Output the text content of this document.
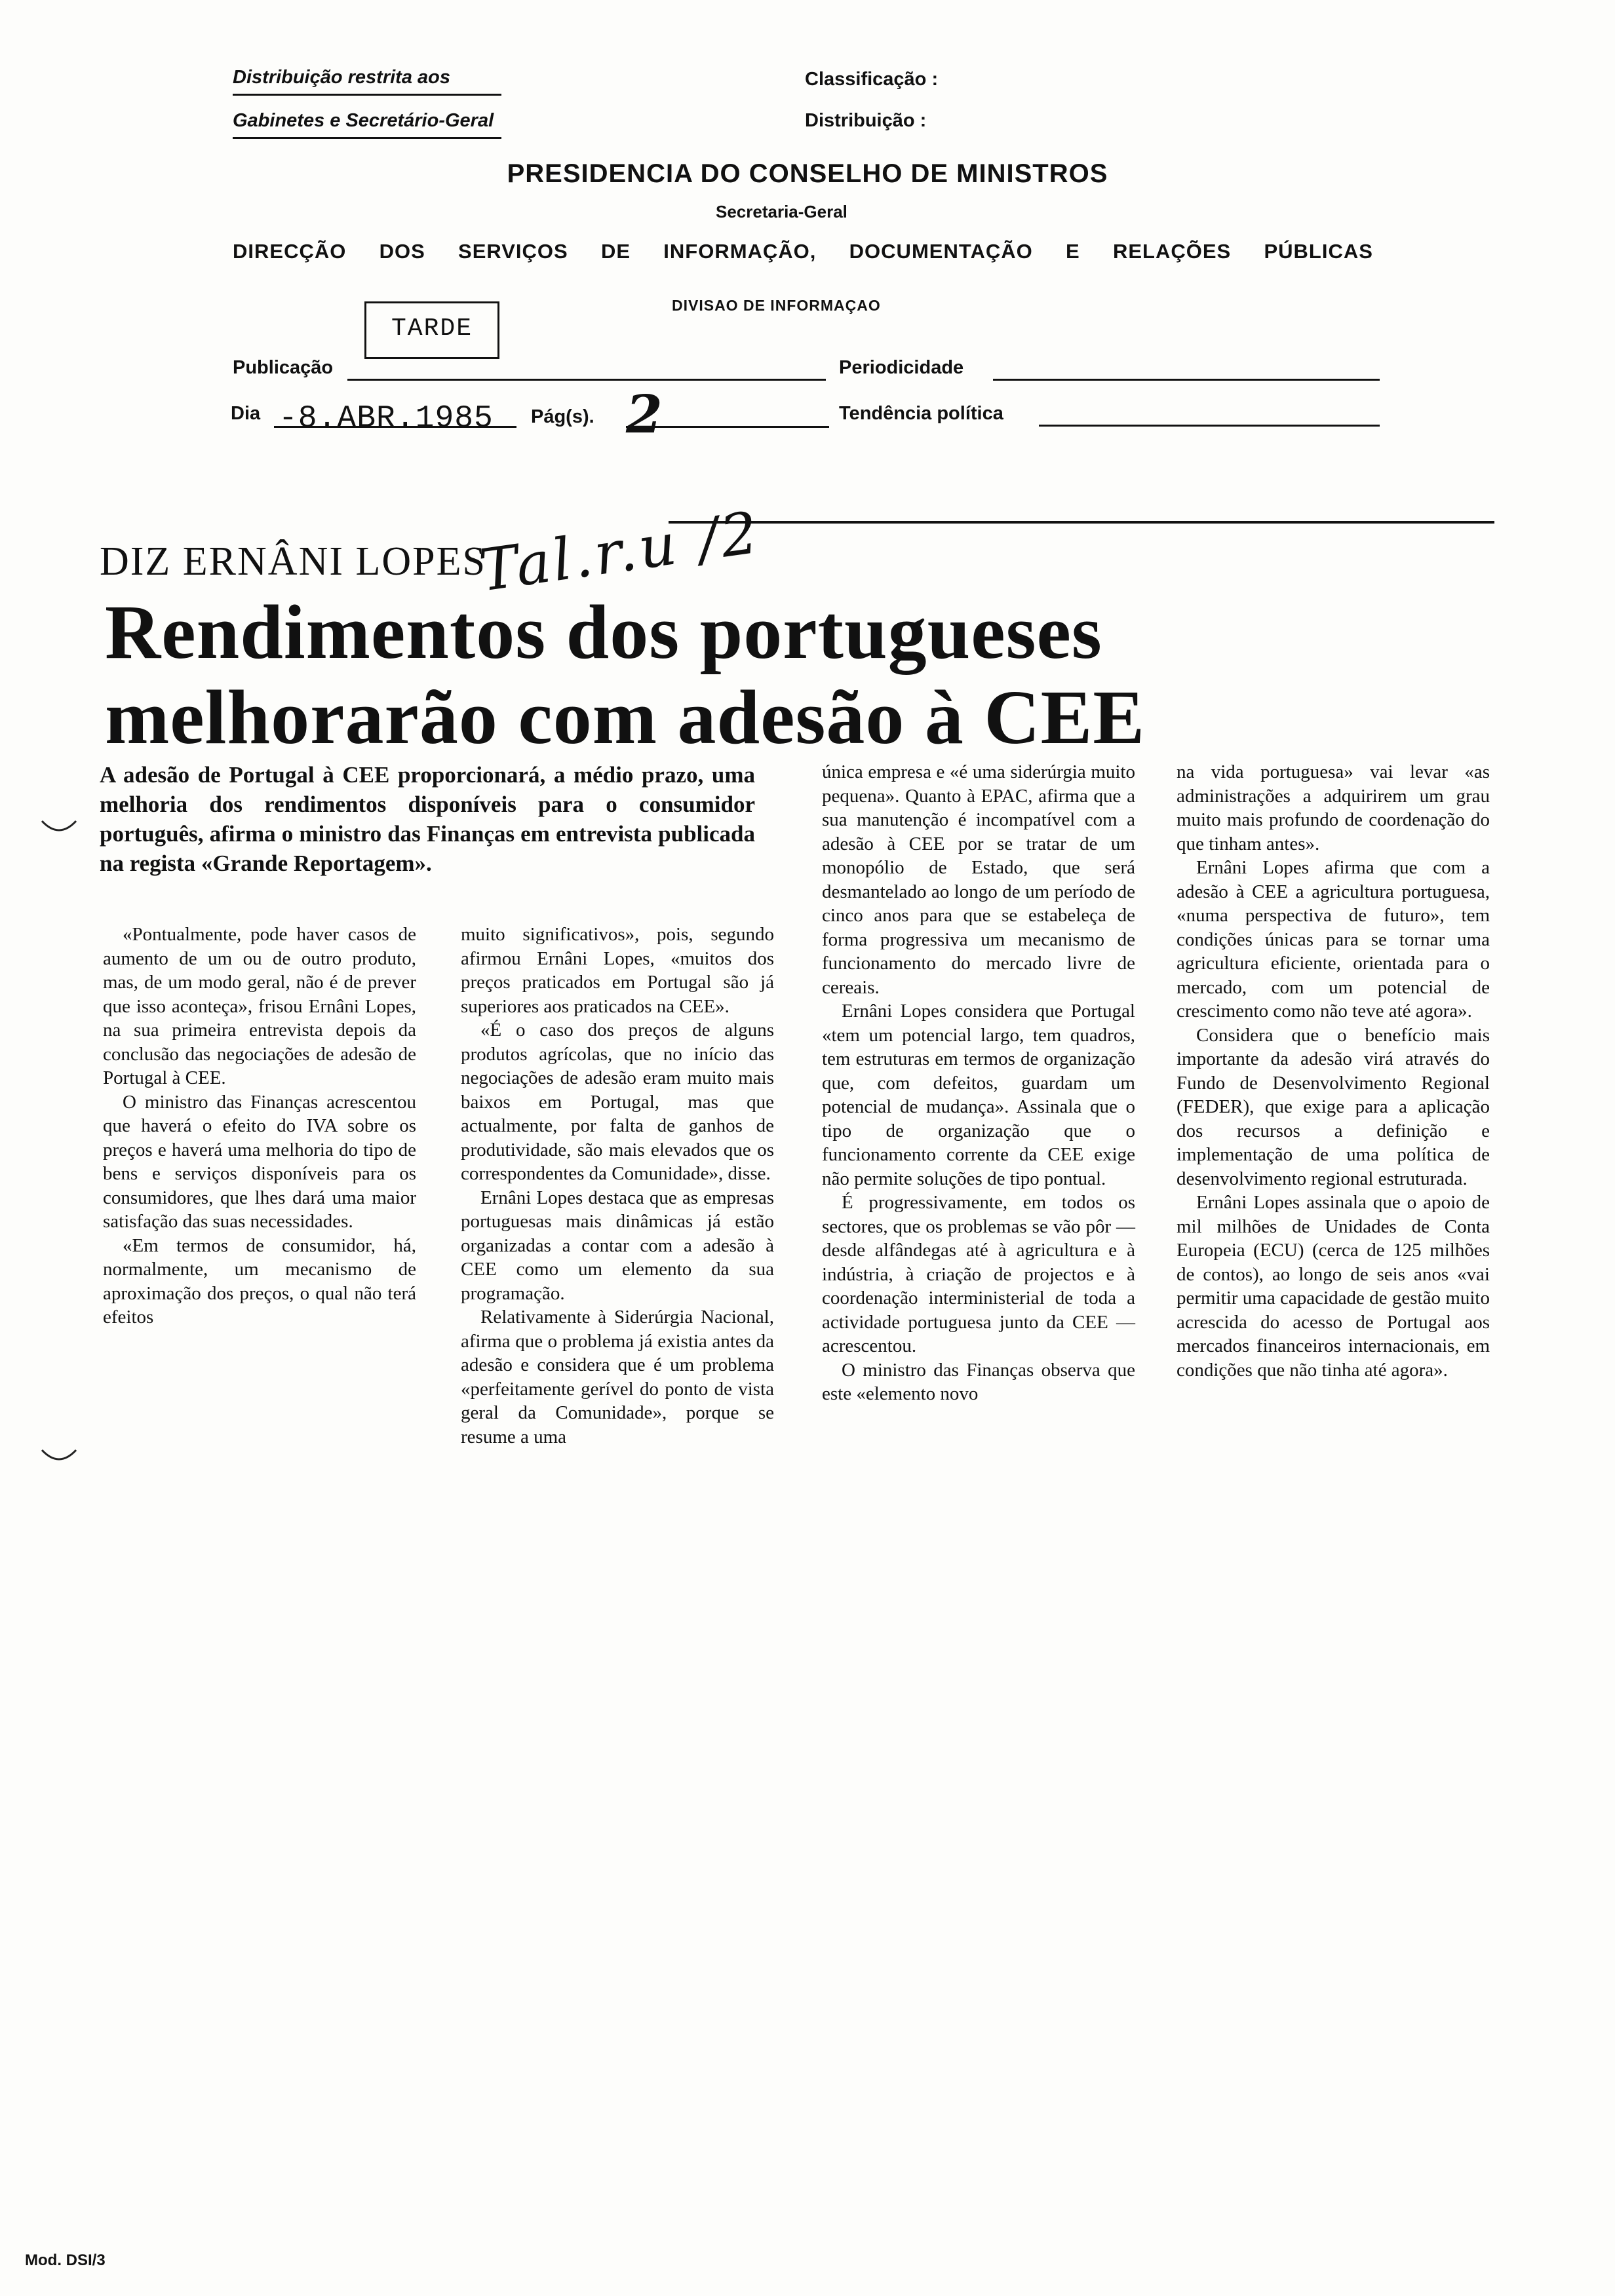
Distribuição restrita aos
Gabinetes e Secretário-Geral
Classificação :
Distribuição :
PRESIDENCIA DO CONSELHO DE MINISTROS
Secretaria-Geral
DIRECÇÃO DOS SERVIÇOS DE INFORMAÇÃO, DOCUMENTAÇÃO E RELAÇÕES PÚBLICAS
DIVISAO DE INFORMAÇAO
TARDE
Publicação	Periodicidade
Dia -8.ABR.1985 Pág(s). 2	Tendência política
DIZ ERNÂNI LOPES
Tal.r.u /2
Rendimentos dos portugueses
melhorarão com adesão à CEE
A adesão de Portugal à CEE proporcionará, a médio prazo, uma melhoria dos rendimentos disponíveis para o consumidor português, afirma o ministro das Finanças em entrevista publicada na regista «Grande Reportagem».

«Pontualmente, pode haver casos de aumento de um ou de outro produto, mas, de um modo geral, não é de prever que isso aconteça», frisou Ernâni Lopes, na sua primeira entrevista depois da conclusão das negociações de adesão de Portugal à CEE.

O ministro das Finanças acrescentou que haverá o efeito do IVA sobre os preços e haverá uma melhoria do tipo de bens e serviços disponíveis para os consumidores, que lhes dará uma maior satisfação das suas necessidades.

«Em termos de consumidor, há, normalmente, um mecanismo de aproximação dos preços, o qual não terá efeitos

muito significativos», pois, segundo afirmou Ernâni Lopes, «muitos dos preços praticados em Portugal são já superiores aos praticados na CEE».

«É o caso dos preços de alguns produtos agrícolas, que no início das negociações de adesão eram muito mais baixos em Portugal, mas que actualmente, por falta de ganhos de produtividade, são mais elevados que os correspondentes da Comunidade», disse.

Ernâni Lopes destaca que as empresas portuguesas mais dinâmicas já estão organizadas a contar com a adesão à CEE como um elemento da sua programação.

Relativamente à Siderúrgia Nacional, afirma que o problema já existia antes da adesão e considera que é um problema «perfeitamente gerível do ponto de vista geral da Comunidade», porque se resume a uma

única empresa e «é uma siderúrgia muito pequena». Quanto à EPAC, afirma que a sua manutenção é incompatível com a adesão à CEE por se tratar de um monopólio de Estado, que será desmantelado ao longo de um período de cinco anos para que se estabeleça de forma progressiva um mecanismo de funcionamento do mercado livre de cereais.

Ernâni Lopes considera que Portugal «tem um potencial largo, tem quadros, tem estruturas em termos de organização que, com defeitos, guardam um potencial de mudança». Assinala que o tipo de organização que o funcionamento corrente da CEE exige não permite soluções de tipo pontual.

É progressivamente, em todos os sectores, que os problemas se vão pôr — desde alfândegas até à agricultura e à indústria, à criação de projectos e à coordenação interministerial de toda a actividade portuguesa junto da CEE — acrescentou.

O ministro das Finanças observa que este «elemento novo

na vida portuguesa» vai levar «as administrações a adquirirem um grau muito mais profundo de coordenação do que tinham antes».

Ernâni Lopes afirma que com a adesão à CEE a agricultura portuguesa, «numa perspectiva de futuro», tem condições únicas para se tornar uma agricultura eficiente, orientada para o mercado, com um potencial de crescimento como não teve até agora».

Considera que o benefício mais importante da adesão virá através do Fundo de Desenvolvimento Regional (FEDER), que exige para a aplicação dos recursos a definição e implementação de uma política de desenvolvimento regional estruturada.

Ernâni Lopes assinala que o apoio de mil milhões de Unidades de Conta Europeia (ECU) (cerca de 125 milhões de contos), ao longo de seis anos «vai permitir uma capacidade de gestão muito acrescida do acesso de Portugal aos mercados financeiros internacionais, em condições que não tinha até agora».

Mod. DSI/3
